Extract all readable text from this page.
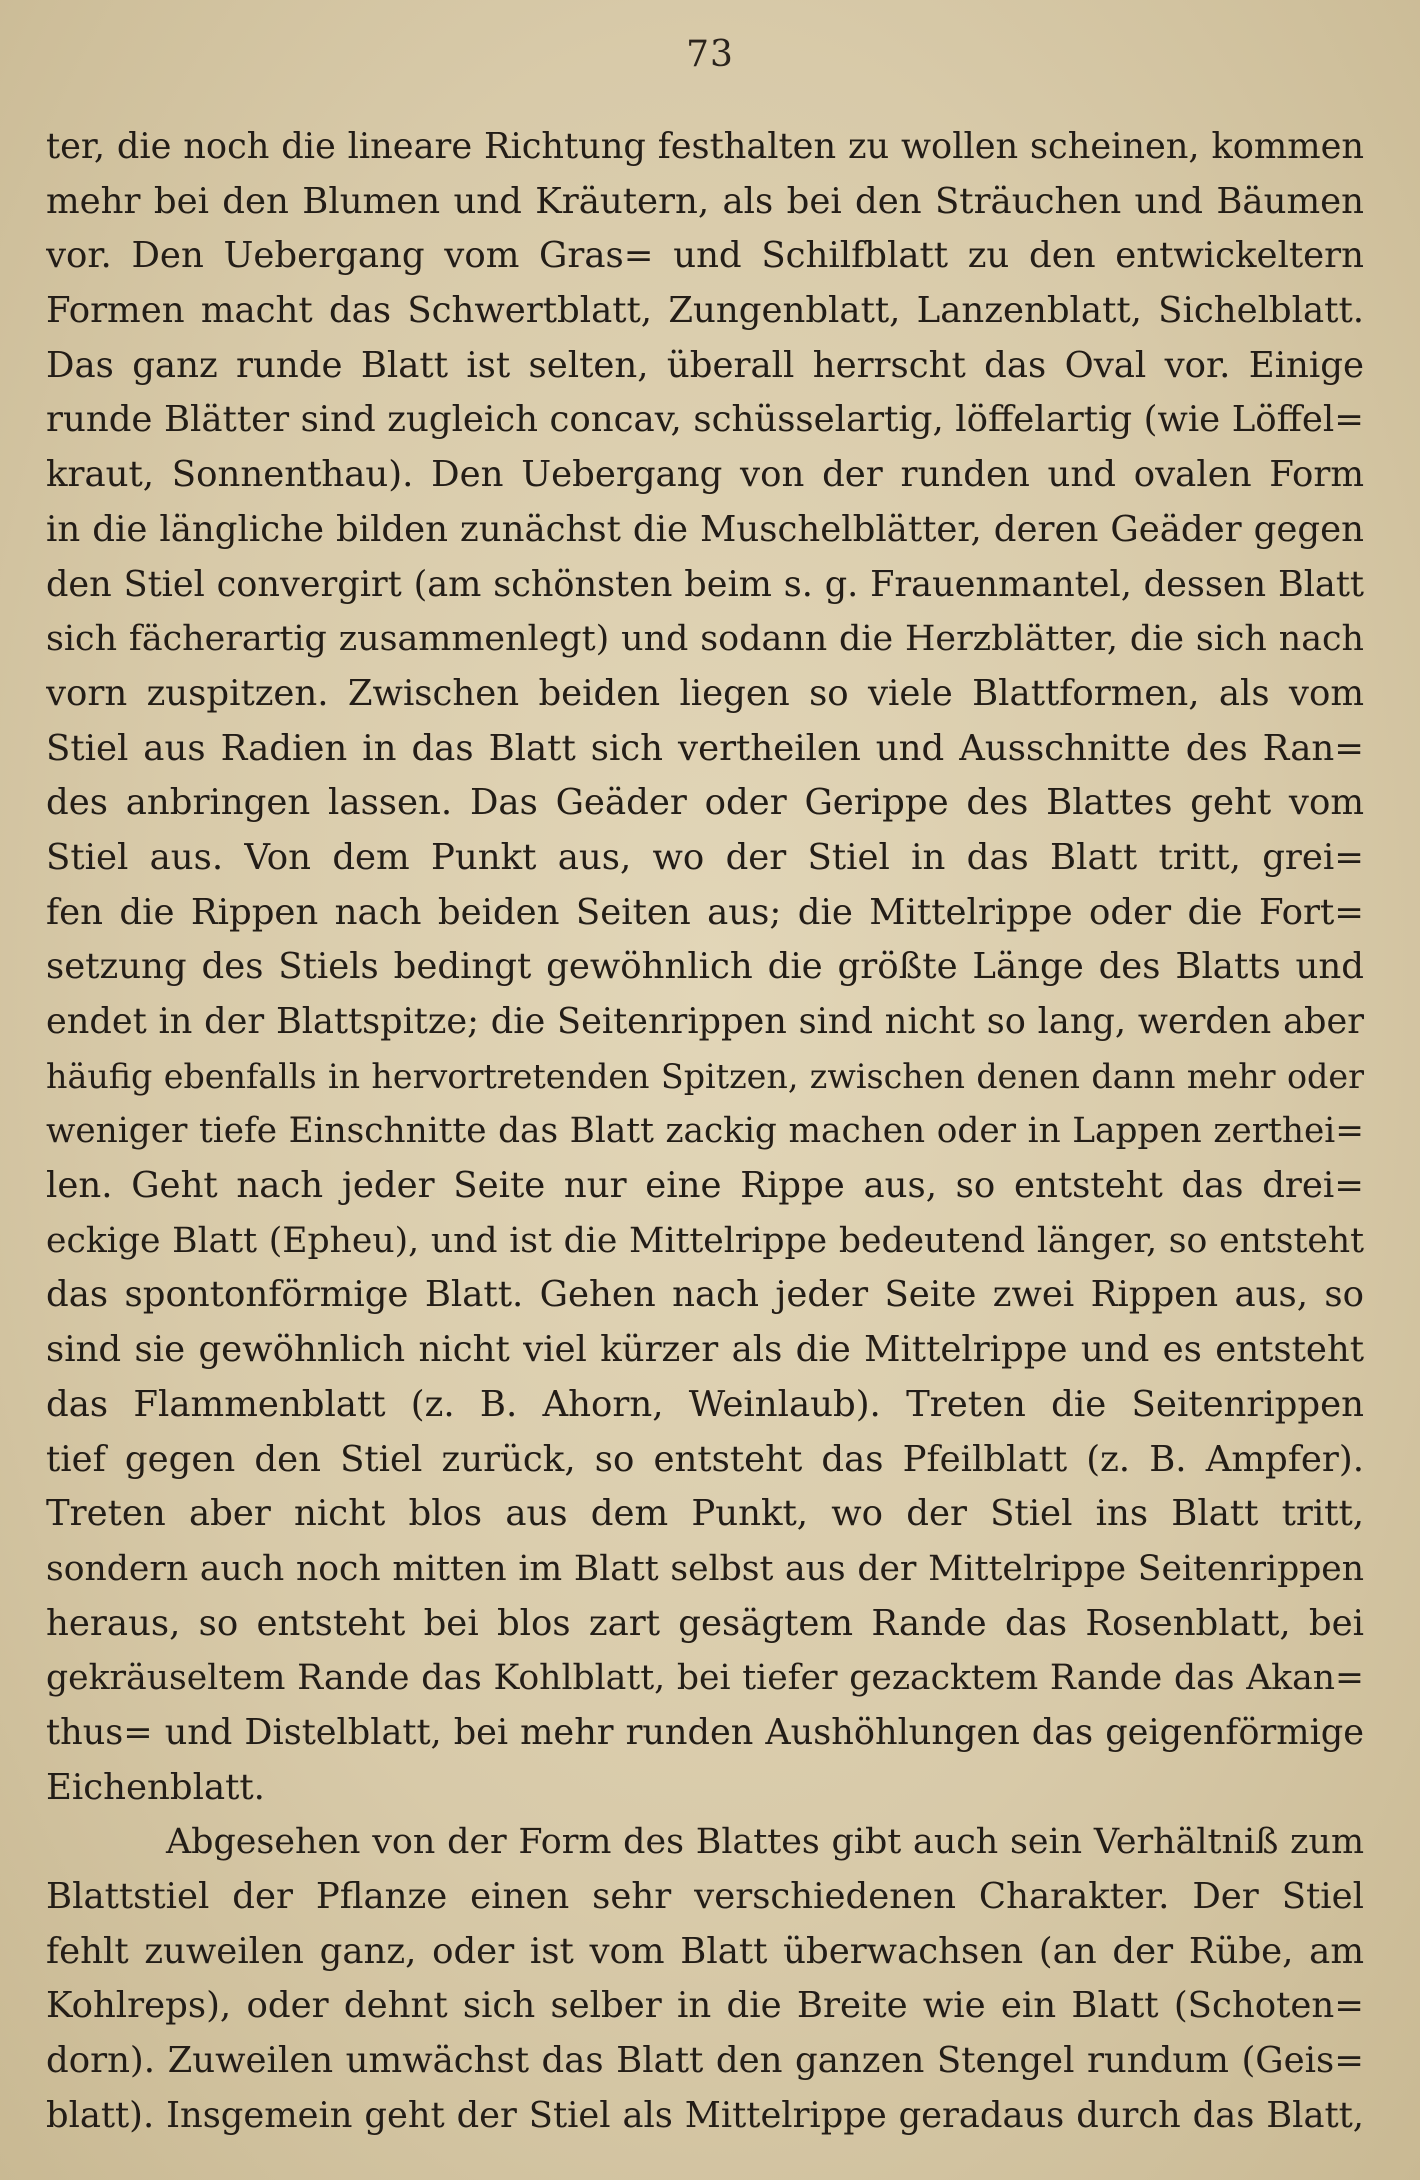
73
ter, die noch die lineare Richtung festhalten zu wollen scheinen, kommen
mehr bei den Blumen und Kräutern, als bei den Sträuchen und Bäumen
vor. Den Uebergang vom Gras= und Schilfblatt zu den entwickeltern
Formen macht das Schwertblatt, Zungenblatt, Lanzenblatt, Sichelblatt.
Das ganz runde Blatt ist selten, überall herrscht das Oval vor. Einige
runde Blätter sind zugleich concav, schüsselartig, löffelartig (wie Löffel=
kraut, Sonnenthau). Den Uebergang von der runden und ovalen Form
in die längliche bilden zunächst die Muschelblätter, deren Geäder gegen
den Stiel convergirt (am schönsten beim s. g. Frauenmantel, dessen Blatt
sich fächerartig zusammenlegt) und sodann die Herzblätter, die sich nach
vorn zuspitzen. Zwischen beiden liegen so viele Blattformen, als vom
Stiel aus Radien in das Blatt sich vertheilen und Ausschnitte des Ran=
des anbringen lassen. Das Geäder oder Gerippe des Blattes geht vom
Stiel aus. Von dem Punkt aus, wo der Stiel in das Blatt tritt, grei=
fen die Rippen nach beiden Seiten aus; die Mittelrippe oder die Fort=
setzung des Stiels bedingt gewöhnlich die größte Länge des Blatts und
endet in der Blattspitze; die Seitenrippen sind nicht so lang, werden aber
häufig ebenfalls in hervortretenden Spitzen, zwischen denen dann mehr oder
weniger tiefe Einschnitte das Blatt zackig machen oder in Lappen zerthei=
len. Geht nach jeder Seite nur eine Rippe aus, so entsteht das drei=
eckige Blatt (Epheu), und ist die Mittelrippe bedeutend länger, so entsteht
das spontonförmige Blatt. Gehen nach jeder Seite zwei Rippen aus, so
sind sie gewöhnlich nicht viel kürzer als die Mittelrippe und es entsteht
das Flammenblatt (z. B. Ahorn, Weinlaub). Treten die Seitenrippen
tief gegen den Stiel zurück, so entsteht das Pfeilblatt (z. B. Ampfer).
Treten aber nicht blos aus dem Punkt, wo der Stiel ins Blatt tritt,
sondern auch noch mitten im Blatt selbst aus der Mittelrippe Seitenrippen
heraus, so entsteht bei blos zart gesägtem Rande das Rosenblatt, bei
gekräuseltem Rande das Kohlblatt, bei tiefer gezacktem Rande das Akan=
thus= und Distelblatt, bei mehr runden Aushöhlungen das geigenförmige
Eichenblatt.
Abgesehen von der Form des Blattes gibt auch sein Verhältniß zum
Blattstiel der Pflanze einen sehr verschiedenen Charakter. Der Stiel
fehlt zuweilen ganz, oder ist vom Blatt überwachsen (an der Rübe, am
Kohlreps), oder dehnt sich selber in die Breite wie ein Blatt (Schoten=
dorn). Zuweilen umwächst das Blatt den ganzen Stengel rundum (Geis=
blatt). Insgemein geht der Stiel als Mittelrippe geradaus durch das Blatt,
